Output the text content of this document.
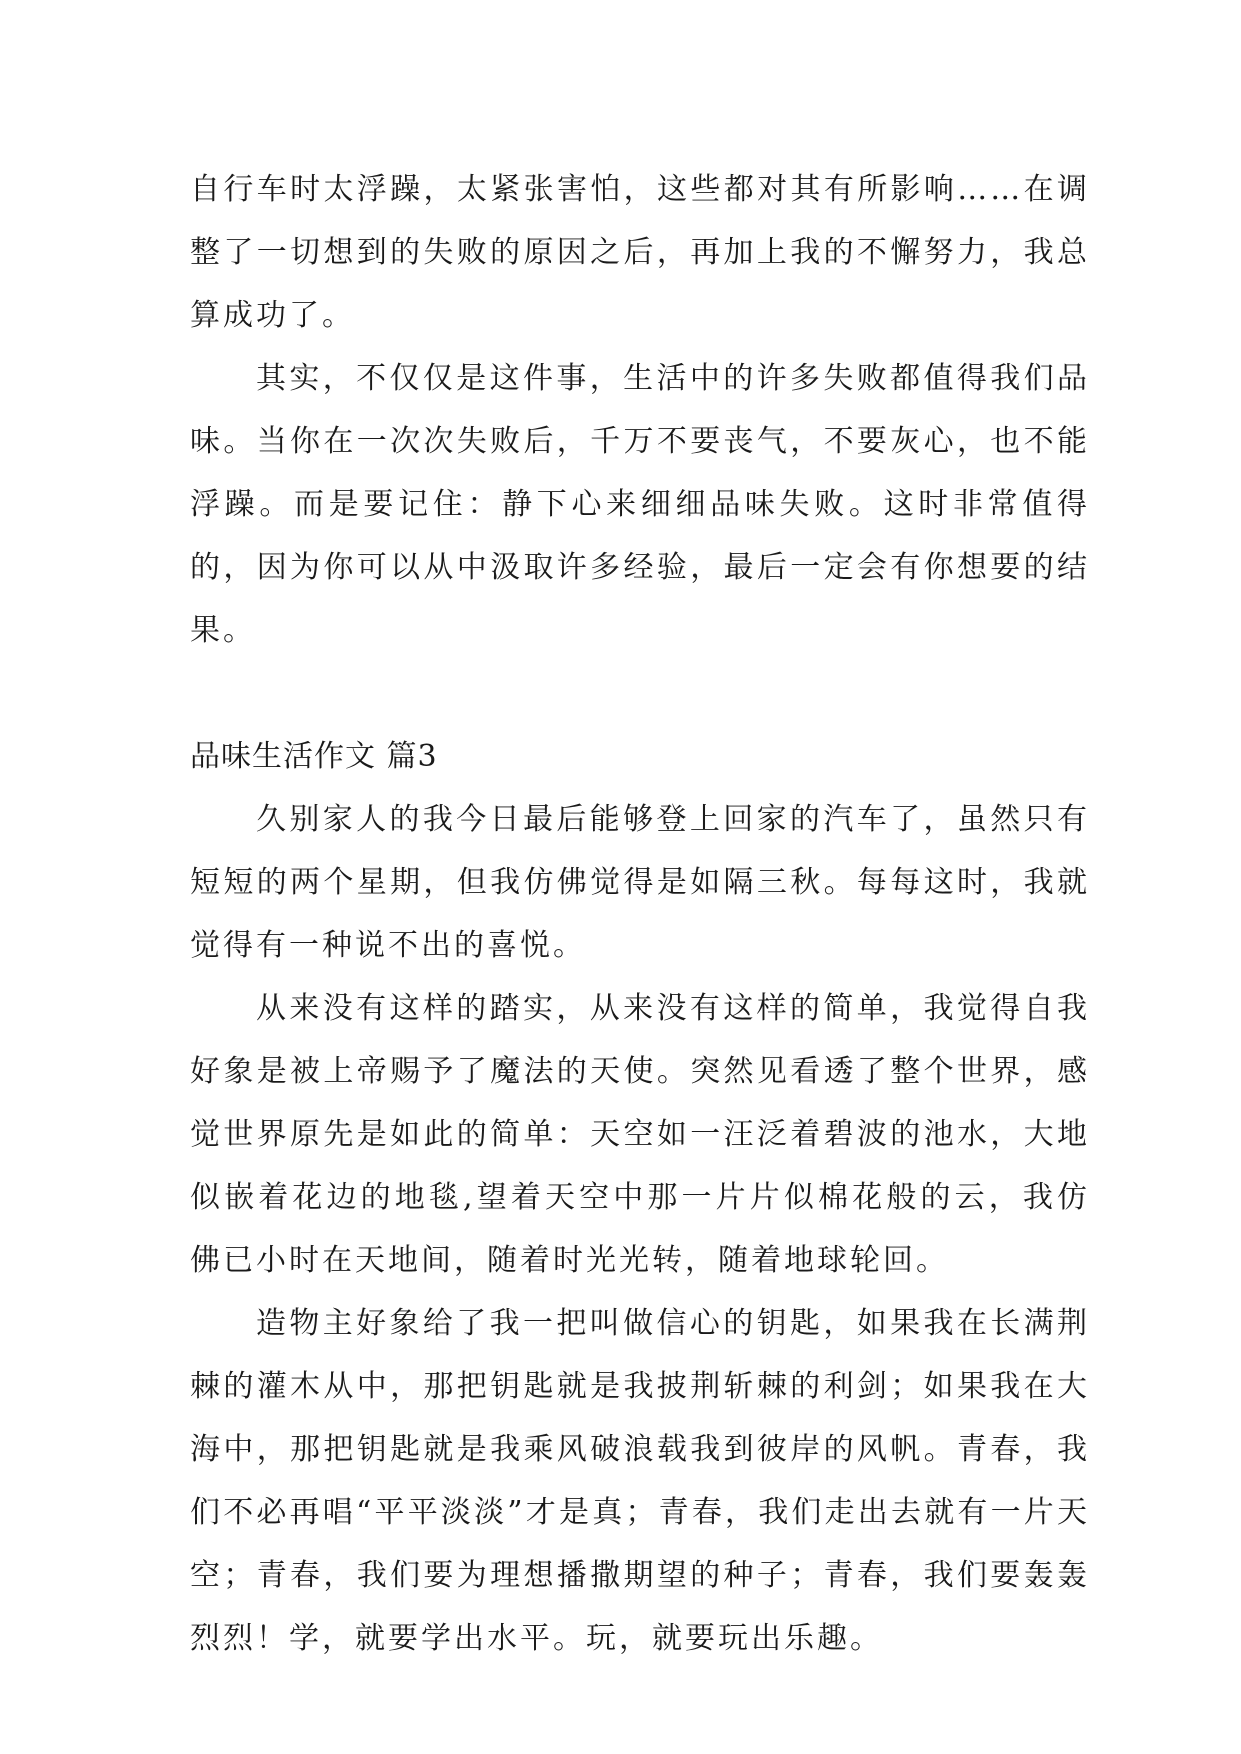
自行车时太浮躁，太紧张害怕，这些都对其有所影响……在调整了一切想到的失败的原因之后，再加上我的不懈努力，我总算成功了。

其实，不仅仅是这件事，生活中的许多失败都值得我们品味。当你在一次次失败后，千万不要丧气，不要灰心，也不能浮躁。而是要记住：静下心来细细品味失败。这时非常值得的，因为你可以从中汲取许多经验，最后一定会有你想要的结果。

品味生活作文 篇3

久别家人的我今日最后能够登上回家的汽车了，虽然只有短短的两个星期，但我仿佛觉得是如隔三秋。每每这时，我就觉得有一种说不出的喜悦。

从来没有这样的踏实，从来没有这样的简单，我觉得自我好象是被上帝赐予了魔法的天使。突然见看透了整个世界，感觉世界原先是如此的简单：天空如一汪泛着碧波的池水，大地似嵌着花边的地毯,望着天空中那一片片似棉花般的云，我仿佛已小时在天地间，随着时光光转，随着地球轮回。

造物主好象给了我一把叫做信心的钥匙，如果我在长满荆棘的灌木从中，那把钥匙就是我披荆斩棘的利剑；如果我在大海中，那把钥匙就是我乘风破浪载我到彼岸的风帆。青春，我们不必再唱“平平淡淡”才是真；青春，我们走出去就有一片天空；青春，我们要为理想播撒期望的种子；青春，我们要轰轰烈烈！学，就要学出水平。玩，就要玩出乐趣。
